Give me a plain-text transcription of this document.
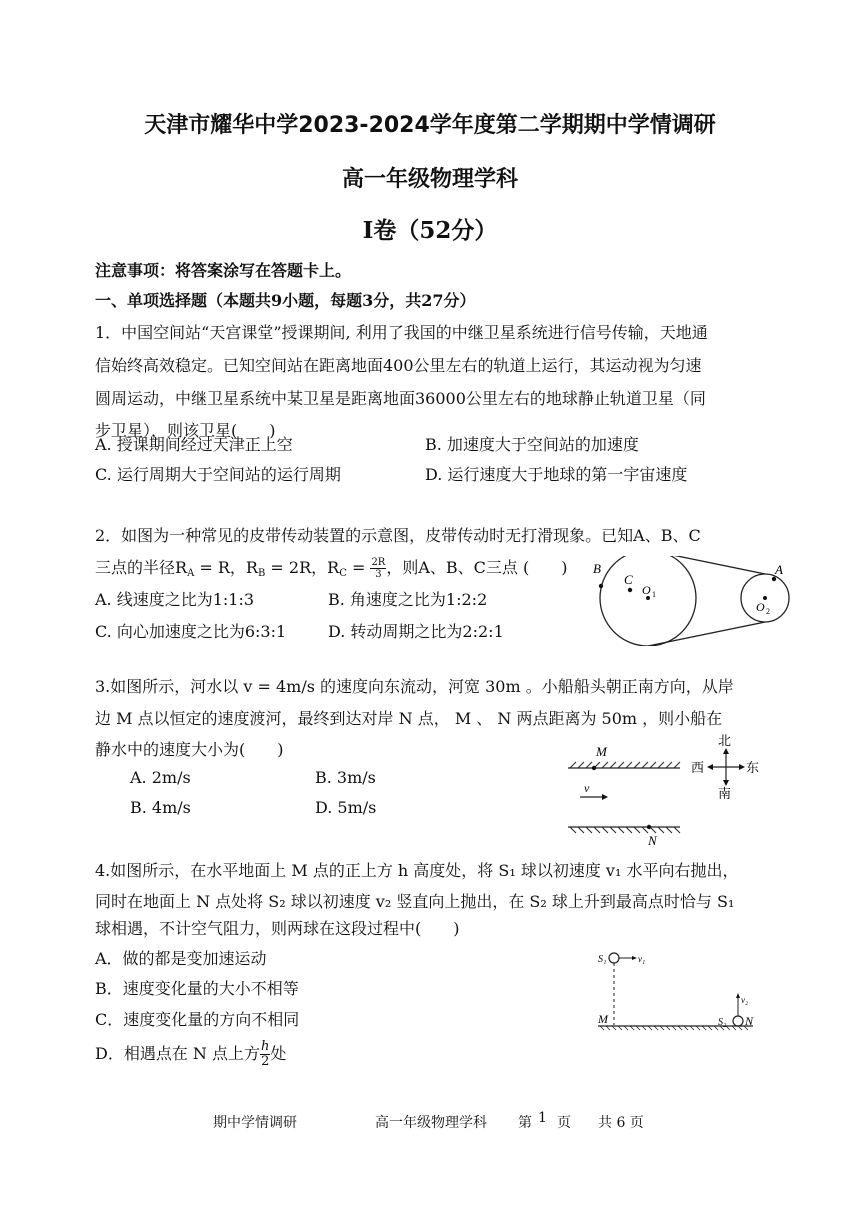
天津市耀华中学2023-2024学年度第二学期期中学情调研
高一年级物理学科
I卷（52分）
注意事项：将答案涂写在答题卡上。
一、单项选择题（本题共9小题，每题3分，共27分）
1．中国空间站“天宫课堂”授课期间, 利用了我国的中继卫星系统进行信号传输，天地通
信始终高效稳定。已知空间站在距离地面400公里左右的轨道上运行，其运动视为匀速
圆周运动，中继卫星系统中某卫星是距离地面36000公里左右的地球静止轨道卫星（同
步卫星），则该卫星(　　)
A. 授课期间经过天津正上空	B. 加速度大于空间站的加速度
C. 运行周期大于空间站的运行周期	D. 运行速度大于地球的第一宇宙速度
2．如图为一种常见的皮带传动装置的示意图，皮带传动时无打滑现象。已知A、B、C
三点的半径$R_A = R$，$R_B = 2R$，$R_C = \frac{2R}{3}$ ，则A、B、C三点 (　　)
A. 线速度之比为1:1:3	B. 角速度之比为1:2:2
C. 向心加速度之比为6:3:1	D. 转动周期之比为2:2:1
B
C
O 1
A
O 2
3.如图所示，河水以 v = 4m/s 的速度向东流动，河宽 30m 。小船船头朝正南方向，从岸
边 M 点以恒定的速度渡河，最终到达对岸 N 点， M 、 N 两点距离为 50m ，则小船在
静水中的速度大小为(　　)
A. 2m/s	B. 3m/s
B. 4m/s	D. 5m/s
M
v
N
北
西	东
南
4.如图所示，在水平地面上 M 点的正上方 h 高度处，将 S₁ 球以初速度 v₁ 水平向右抛出，
同时在地面上 N 点处将 S₂ 球以初速度 v₂ 竖直向上抛出，在 S₂ 球上升到最高点时恰与 S₁
球相遇，不计空气阻力，则两球在这段过程中(　　)
A．做的都是变加速运动
B．速度变化量的大小不相等
C．速度变化量的方向不相同
D．相遇点在 N 点上方 $\frac{h}{2}$ 处
S₁	v₁
M	S₂ N
v₂
期中学情调研	高一年级物理学科 第 1 页 共 6 页
